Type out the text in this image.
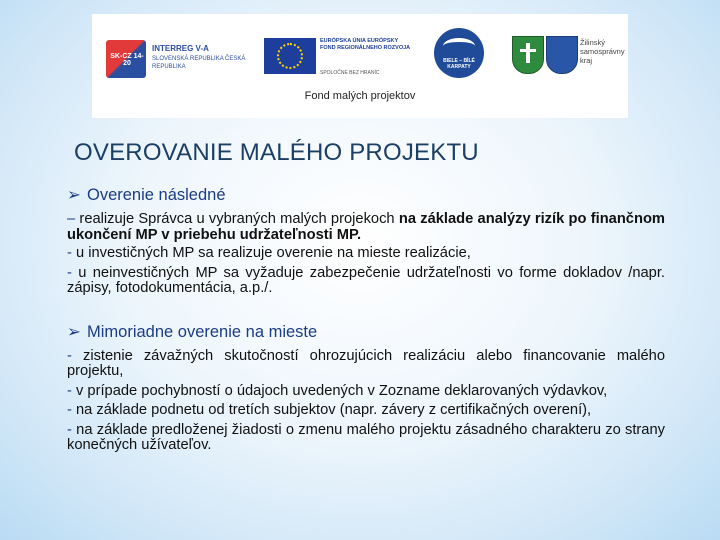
SK-CZ 14-20
INTERREG V-A
SLOVENSKÁ REPUBLIKA ČESKÁ REPUBLIKA
EURÓPSKA ÚNIA EURÓPSKY FOND REGIONÁLNEHO ROZVOJA
SPOLOČNE BEZ HRANÍC
BIELE – BÍLÉ KARPATY
Žilinský samosprávny kraj
Fond malých projektov
OVEROVANIE MALÉHO PROJEKTU

➢ Overenie následné

– realizuje Správca u vybraných malých projekoch na základe analýzy rizík po finančnom ukončení MP v priebehu udržateľnosti MP.

- u investičných MP sa realizuje overenie na mieste realizácie,

- u neinvestičných MP sa vyžaduje zabezpečenie udržateľnosti vo forme dokladov /napr. zápisy, fotodokumentácia, a.p./.

➢ Mimoriadne overenie na mieste

- zistenie závažných skutočností ohrozujúcich realizáciu alebo financovanie malého projektu,

- v prípade pochybností o údajoch uvedených v Zozname deklarovaných výdavkov,

- na základe podnetu od tretích subjektov (napr. závery z certifikačných overení),

- na základe predloženej žiadosti o zmenu malého projektu zásadného charakteru zo strany konečných užívateľov.
